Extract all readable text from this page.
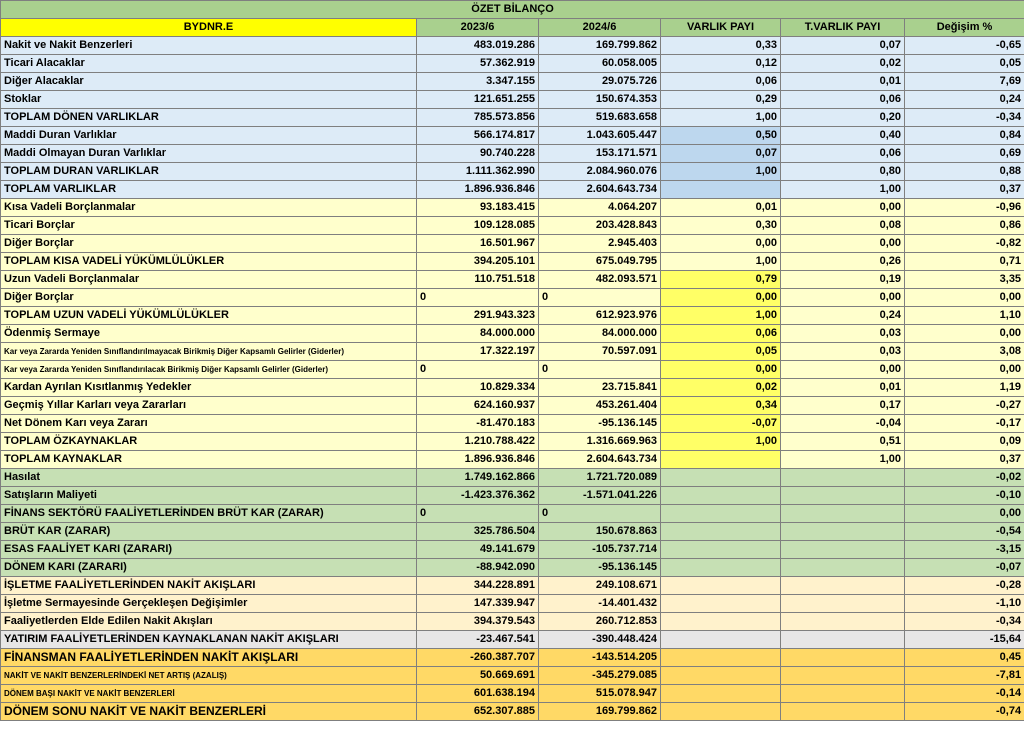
ÖZET BİLANÇO					
BYDNR.E	2023/6	2024/6	VARLIK PAYI	T.VARLIK PAYI	Değişim %
Nakit ve Nakit Benzerleri	483.019.286	169.799.862	0,33	0,07	-0,65
Ticari Alacaklar	57.362.919	60.058.005	0,12	0,02	0,05
Diğer Alacaklar	3.347.155	29.075.726	0,06	0,01	7,69
Stoklar	121.651.255	150.674.353	0,29	0,06	0,24
TOPLAM DÖNEN VARLIKLAR	785.573.856	519.683.658	1,00	0,20	-0,34
Maddi Duran Varlıklar	566.174.817	1.043.605.447	0,50	0,40	0,84
Maddi Olmayan Duran Varlıklar	90.740.228	153.171.571	0,07	0,06	0,69
TOPLAM DURAN VARLIKLAR	1.111.362.990	2.084.960.076	1,00	0,80	0,88
TOPLAM VARLIKLAR	1.896.936.846	2.604.643.734		1,00	0,37
Kısa Vadeli Borçlanmalar	93.183.415	4.064.207	0,01	0,00	-0,96
Ticari Borçlar	109.128.085	203.428.843	0,30	0,08	0,86
Diğer Borçlar	16.501.967	2.945.403	0,00	0,00	-0,82
TOPLAM KISA VADELİ YÜKÜMLÜLÜKLER	394.205.101	675.049.795	1,00	0,26	0,71
Uzun Vadeli Borçlanmalar	110.751.518	482.093.571	0,79	0,19	3,35
Diğer Borçlar	0	0	0,00	0,00	0,00
TOPLAM UZUN VADELİ YÜKÜMLÜLÜKLER	291.943.323	612.923.976	1,00	0,24	1,10
Ödenmiş Sermaye	84.000.000	84.000.000	0,06	0,03	0,00
Kar veya Zararda Yeniden Sınıflandırılmayacak Birikmiş Diğer Kapsamlı Gelirler (Giderler)	17.322.197	70.597.091	0,05	0,03	3,08
Kar veya Zararda Yeniden Sınıflandırılacak Birikmiş Diğer Kapsamlı Gelirler (Giderler)	0	0	0,00	0,00	0,00
Kardan Ayrılan Kısıtlanmış Yedekler	10.829.334	23.715.841	0,02	0,01	1,19
Geçmiş Yıllar Karları veya Zararları	624.160.937	453.261.404	0,34	0,17	-0,27
Net Dönem Karı veya Zararı	-81.470.183	-95.136.145	-0,07	-0,04	-0,17
TOPLAM ÖZKAYNAKLAR	1.210.788.422	1.316.669.963	1,00	0,51	0,09
TOPLAM KAYNAKLAR	1.896.936.846	2.604.643.734		1,00	0,37
Hasılat	1.749.162.866	1.721.720.089			-0,02
Satışların Maliyeti	-1.423.376.362	-1.571.041.226			-0,10
FİNANS SEKTÖRÜ FAALİYETLERİNDEN BRÜT KAR (ZARAR)	0	0			0,00
BRÜT KAR (ZARAR)	325.786.504	150.678.863			-0,54
ESAS FAALİYET KARI (ZARARI)	49.141.679	-105.737.714			-3,15
DÖNEM KARI (ZARARI)	-88.942.090	-95.136.145			-0,07
İŞLETME FAALİYETLERİNDEN NAKİT AKIŞLARI	344.228.891	249.108.671			-0,28
İşletme Sermayesinde Gerçekleşen Değişimler	147.339.947	-14.401.432			-1,10
Faaliyetlerden Elde Edilen Nakit Akışları	394.379.543	260.712.853			-0,34
YATIRIM FAALİYETLERİNDEN KAYNAKLANAN NAKİT AKIŞLARI	-23.467.541	-390.448.424			-15,64
FİNANSMAN FAALİYETLERİNDEN NAKİT AKIŞLARI	-260.387.707	-143.514.205			0,45
NAKİT VE NAKİT BENZERLERİNDEKİ NET ARTIŞ (AZALIŞ)	50.669.691	-345.279.085			-7,81
DÖNEM BAŞI NAKİT VE NAKİT BENZERLERİ	601.638.194	515.078.947			-0,14
DÖNEM SONU NAKİT VE NAKİT BENZERLERİ	652.307.885	169.799.862			-0,74
